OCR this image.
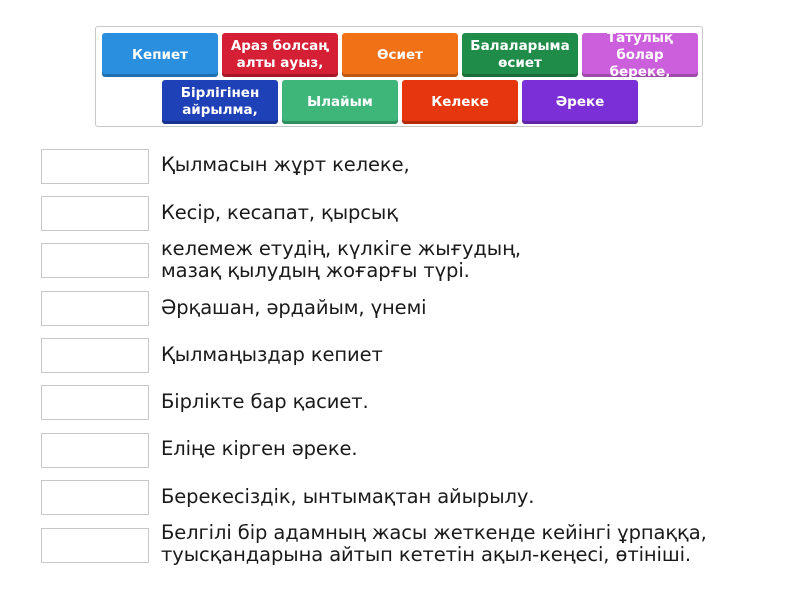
Кепиет
Араз болсаң
алты ауыз,
Өсиет
Балаларыма
өсиет
Татулық
болар береке,
Бірлігінен
айрылма,
Ылайым	Келеке	Әреке
Қылмасын жұрт келеке,
Кесір, кесапат, қырсық
келемеж етудің, күлкіге жығудың,
мазақ қылудың жоғарғы түрі.
Әрқашан, әрдайым, үнемі
Қылмаңыздар кепиет
Бірлікте бар қасиет.
Еліңе кірген әреке.
Берекесіздік, ынтымақтан айырылу.
Белгілі бір адамның жасы жеткенде кейінгі ұрпаққа,
туысқандарына айтып кететін ақыл-кеңесі, өтініші.
